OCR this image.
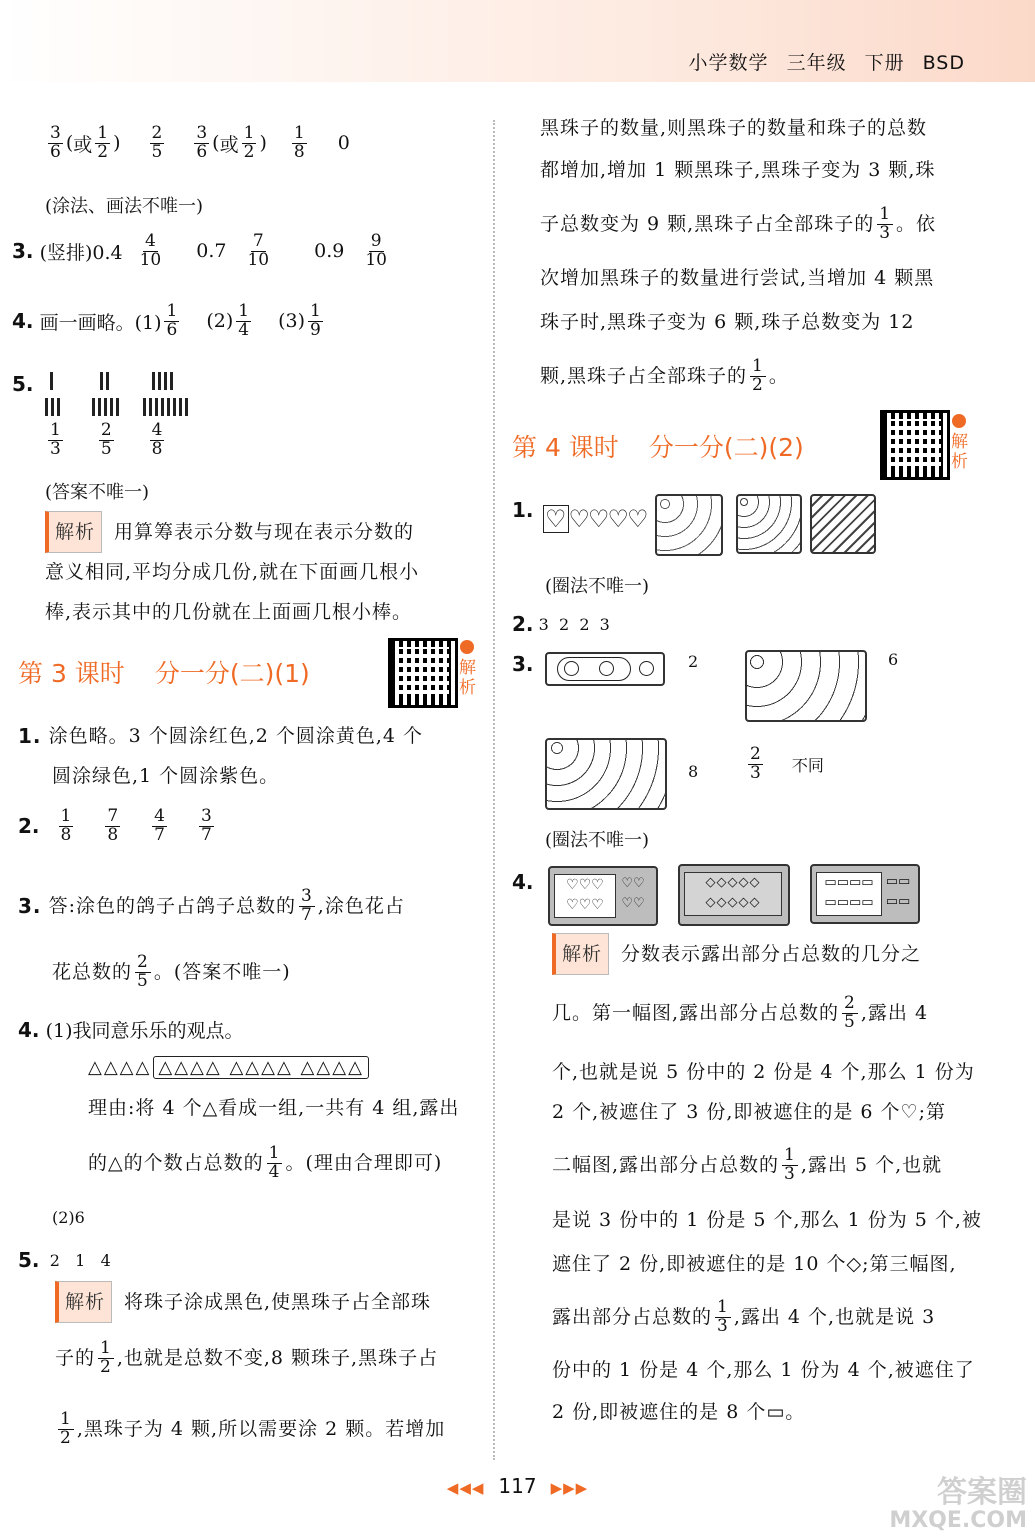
小学数学 三年级 下册 BSD
$\frac{3}{6}$ ( 或 $\frac{1}{2}$ ) $\frac{2}{5} \frac{3}{6}$ ( 或 $\frac{1}{2}$ ) $\frac{1}{8} 0$
(涂法、画法不唯一)
3.
(竖排)$0.4 \frac{4}{10} 0.7 \frac{7}{10} 0.9 \frac{9}{10}$
4.
画一画略。$(1) \frac{1}{6} (2) \frac{1}{4} (3) \frac{1}{9}$
5.
$\frac{1}{3} \frac{2}{5} \frac{4}{8}$
(答案不唯一)
解析	用算筹表示分数与现在表示分数的
意义相同,平均分成几份,就在下面画几根小
棒,表示其中的几份就在上面画几根小棒。
第 3 课时 分一分(二)(1)	解析
1.
涂色略。3 个圆涂红色,2 个圆涂黄色,4 个
圆涂绿色,1 个圆涂紫色。
2. $\frac{1}{8} \frac{7}{8} \frac{4}{7} \frac{3}{7}$
3.
答:涂色的鸽子占鸽子总数的 $\frac{3}{7}$ ,涂色花占
花总数的 $\frac{2}{5}$ 。(答案不唯一)
4.
(1)我同意乐乐的观点。
△△△△ △△△△ △△△△ △△△△
理由:将 4 个△看成一组,一共有 4 组,露出
的△的个数占总数的 $\frac{1}{4}$ 。(理由合理即可)
(2)6
5.
2   1   4
解析	将珠子涂成黑色,使黑珠子占全部珠
子的 $\frac{1}{2}$ ,也就是总数不变,8 颗珠子,黑珠子占
$\frac{1}{2}$ ,黑珠子为 4 颗,所以需要涂 2 颗。若增加
黑珠子的数量,则黑珠子的数量和珠子的总数
都增加,增加 1 颗黑珠子,黑珠子变为 3 颗,珠
子总数变为 9 颗,黑珠子占全部珠子的 $\frac{1}{3}$ 。依
次增加黑珠子的数量进行尝试,当增加 4 颗黑
珠子时,黑珠子变为 6 颗,珠子总数变为 12
颗,黑珠子占全部珠子的 $\frac{1}{2}$ 。
第 4 课时 分一分(二)(2)	解析
1. ♡ ♡♡♡♡
(圈法不唯一)
2.
3  2  2  3
3.	2	6
8	$\frac{2}{3}$ 不同
(圈法不唯一)
4.	♡♡♡
♡♡♡
♡♡
♡♡
◇◇◇◇◇
◇◇◇◇◇
▭▭▭▭
▭▭▭▭
▭▭
▭▭
解析	分数表示露出部分占总数的几分之
几。第一幅图,露出部分占总数的 $\frac{2}{5}$ ,露出 4
个,也就是说 5 份中的 2 份是 4 个,那么 1 份为
2 个,被遮住了 3 份,即被遮住的是 6 个♡;第
二幅图,露出部分占总数的 $\frac{1}{3}$ ,露出 5 个,也就
是说 3 份中的 1 份是 5 个,那么 1 份为 5 个,被
遮住了 2 份,即被遮住的是 10 个◇;第三幅图,
露出部分占总数的 $\frac{1}{3}$ ,露出 4 个,也就是说 3
份中的 1 份是 4 个,那么 1 份为 4 个,被遮住了
2 份,即被遮住的是 8 个▭。
◀◀◀ 117 ▶▶▶	答案圈
MXQE.COM
